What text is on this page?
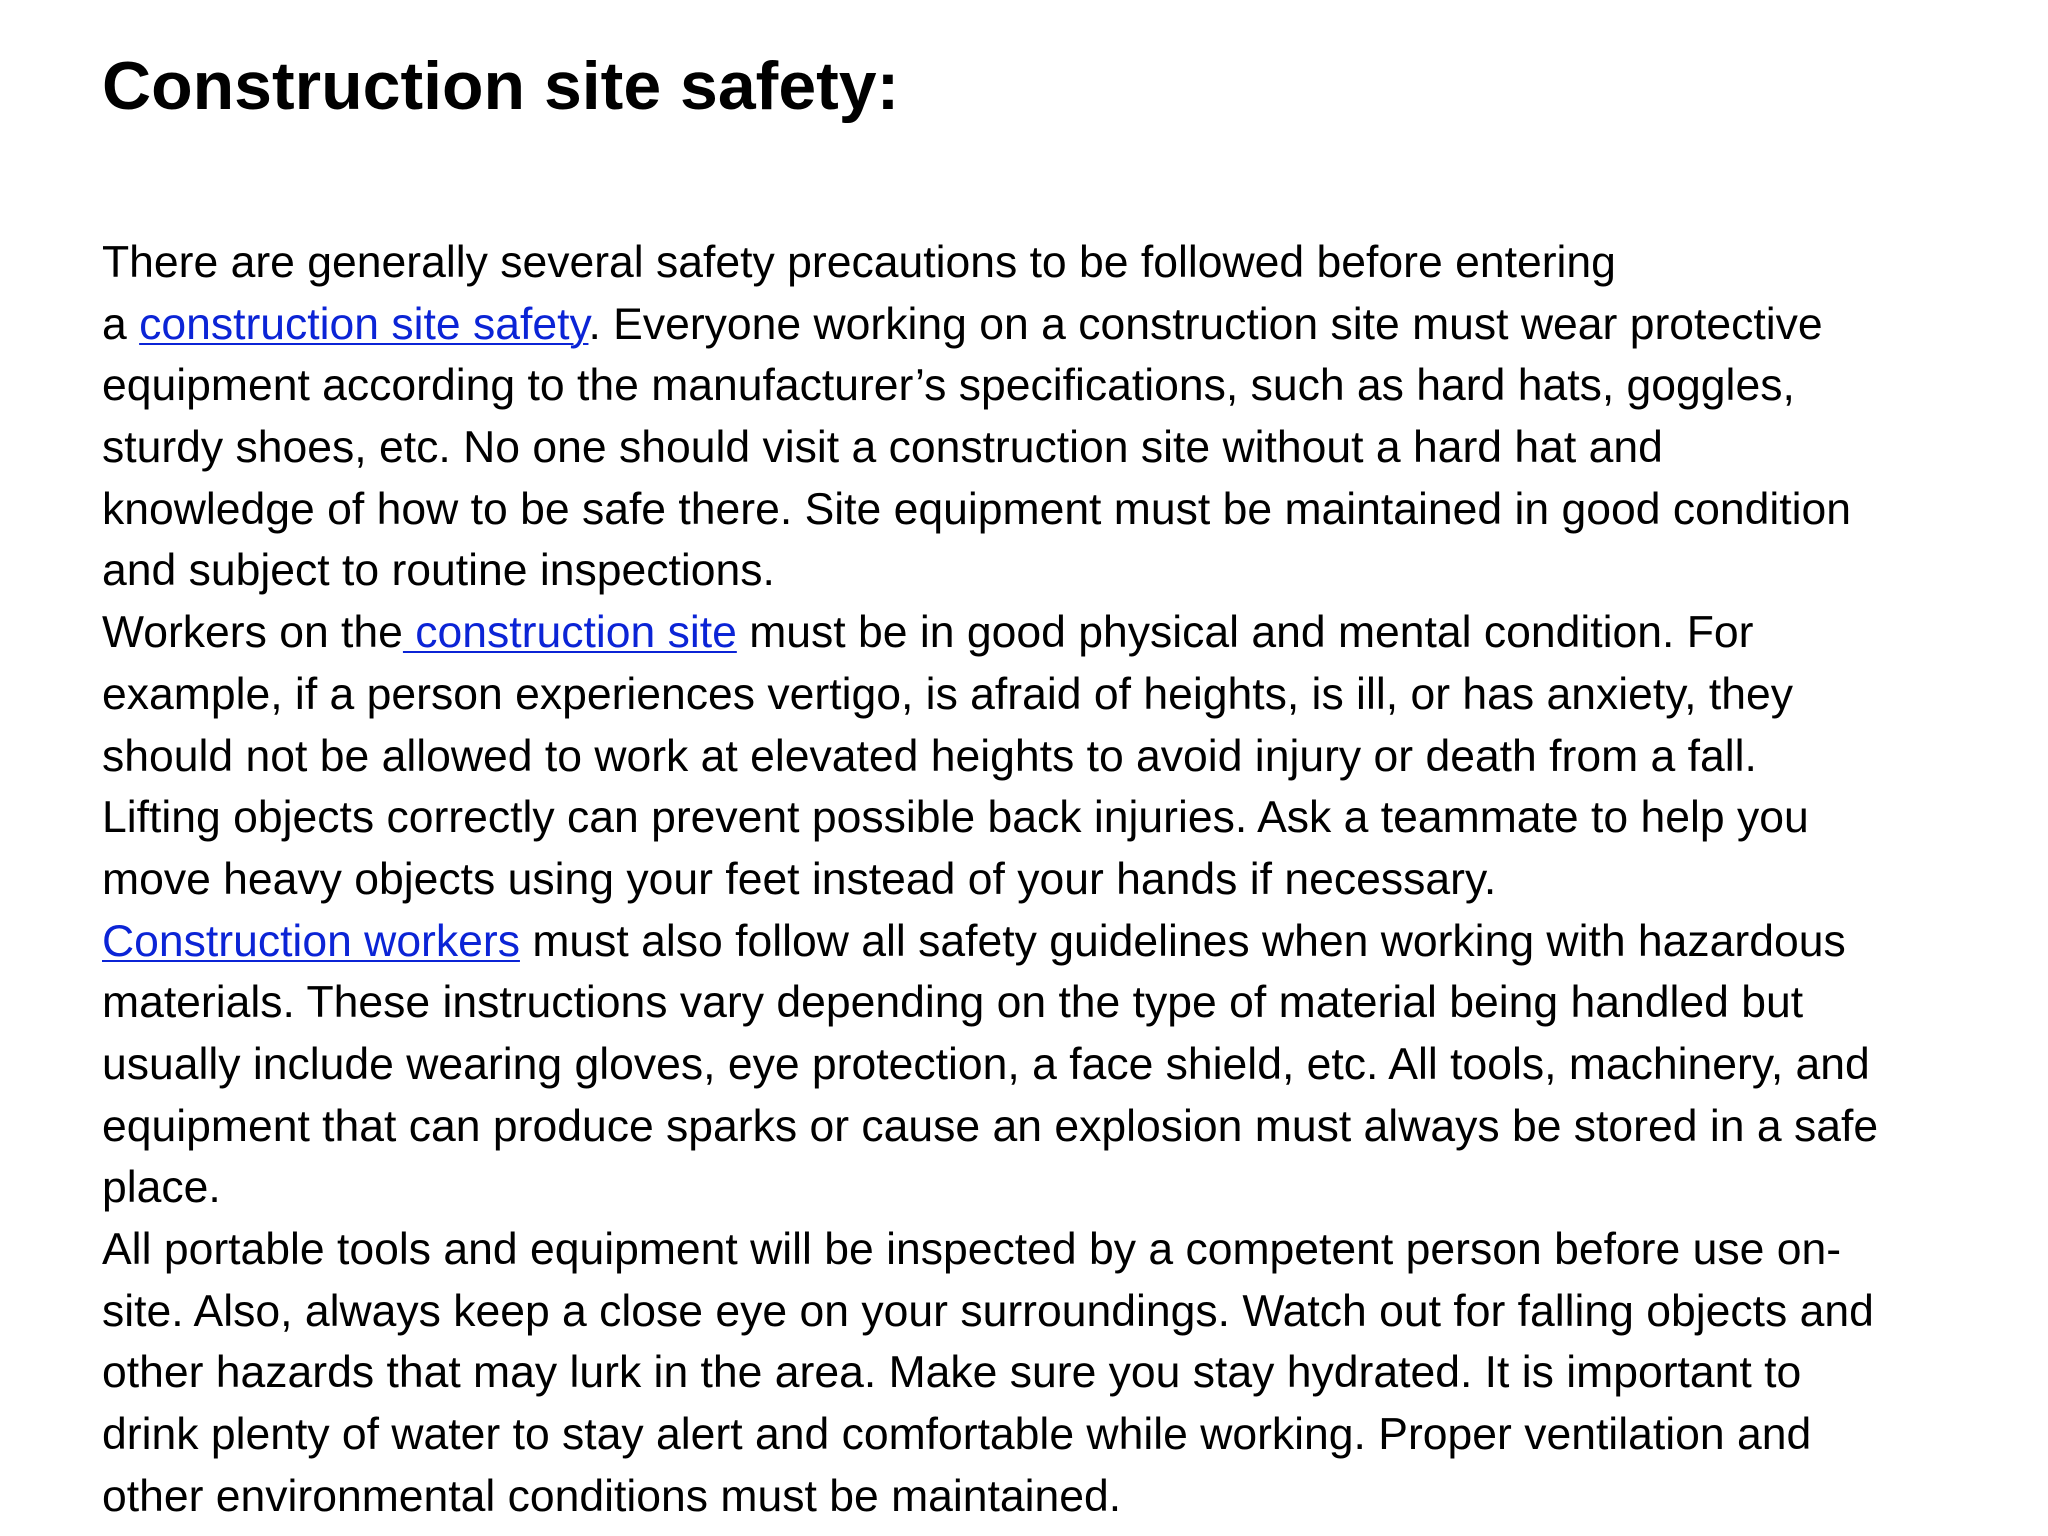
Construction site safety:
There are generally several safety precautions to be followed before entering
a construction site safety. Everyone working on a construction site must wear protective
equipment according to the manufacturer’s specifications, such as hard hats, goggles,
sturdy shoes, etc. No one should visit a construction site without a hard hat and
knowledge of how to be safe there. Site equipment must be maintained in good condition
and subject to routine inspections.
Workers on the construction site must be in good physical and mental condition. For
example, if a person experiences vertigo, is afraid of heights, is ill, or has anxiety, they
should not be allowed to work at elevated heights to avoid injury or death from a fall.
Lifting objects correctly can prevent possible back injuries. Ask a teammate to help you
move heavy objects using your feet instead of your hands if necessary.
Construction workers must also follow all safety guidelines when working with hazardous
materials. These instructions vary depending on the type of material being handled but
usually include wearing gloves, eye protection, a face shield, etc. All tools, machinery, and
equipment that can produce sparks or cause an explosion must always be stored in a safe
place.
All portable tools and equipment will be inspected by a competent person before use on-
site. Also, always keep a close eye on your surroundings. Watch out for falling objects and
other hazards that may lurk in the area. Make sure you stay hydrated. It is important to
drink plenty of water to stay alert and comfortable while working. Proper ventilation and
other environmental conditions must be maintained.
